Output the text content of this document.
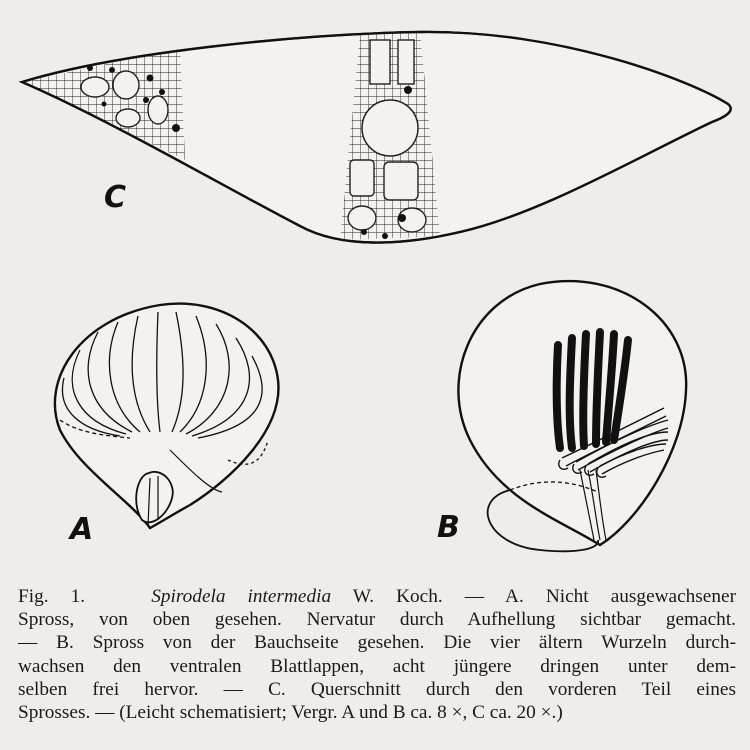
C
A	B
Fig. 1.	Spirodela intermedia W. Koch. — A. Nicht ausgewachsener
Spross, von oben gesehen. Nervatur durch Aufhellung sichtbar gemacht.
— B. Spross von der Bauchseite gesehen. Die vier ältern Wurzeln durch-
wachsen den ventralen Blattlappen, acht jüngere dringen unter dem-
selben frei hervor. — C. Querschnitt durch den vorderen Teil eines
Sprosses. — (Leicht schematisiert; Vergr. A und B ca. 8 ×, C ca. 20 ×.)
